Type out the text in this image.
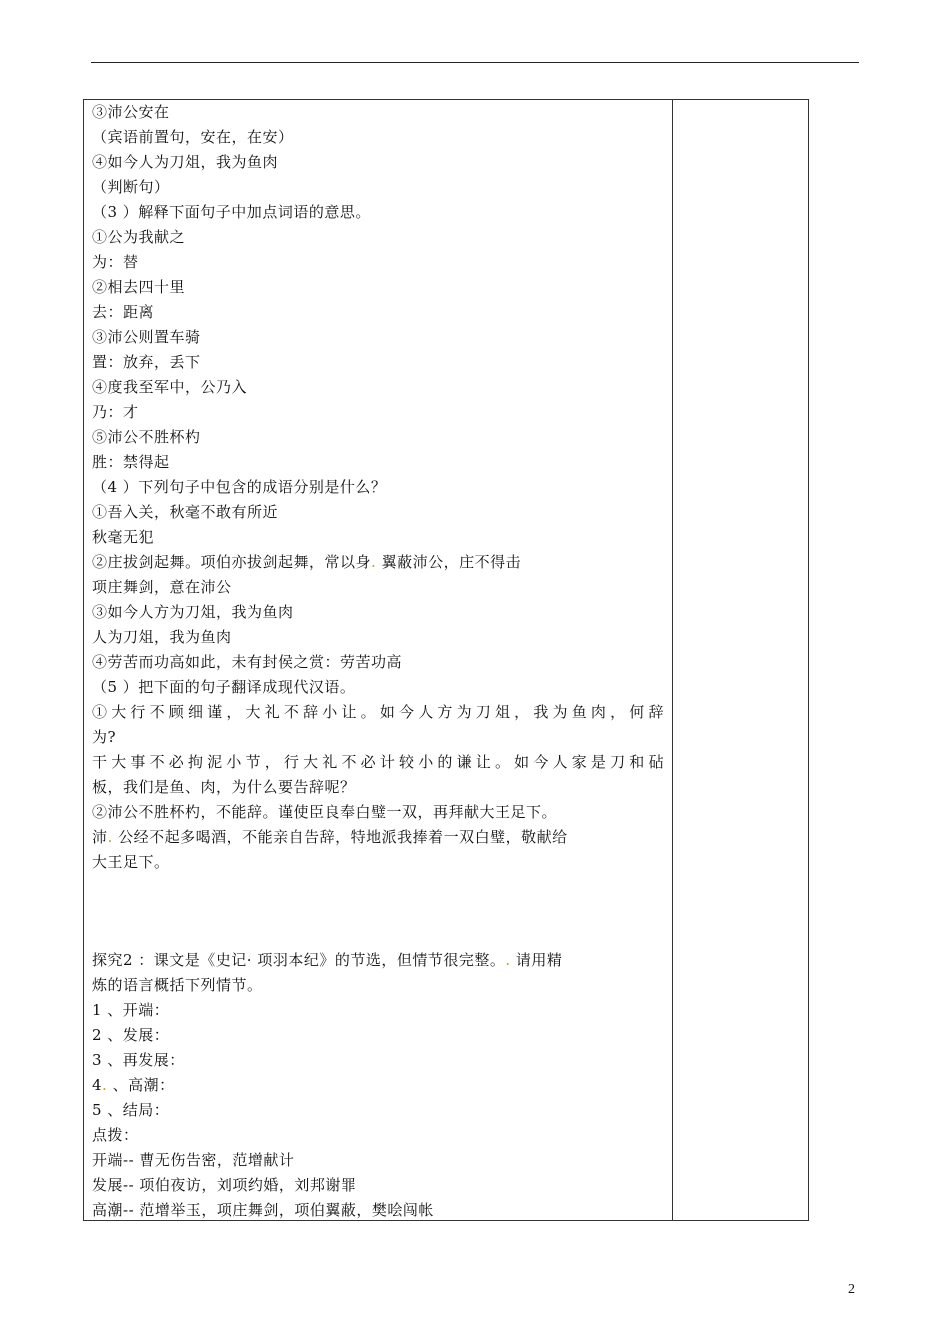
③沛公安在
（宾语前置句，安在，在安）
④如今人为刀俎，我为鱼肉
（判断句）
（3 ）解释下面句子中加点词语的意思。
①公为我献之
为：替
②相去四十里
去：距离
③沛公则置车骑
置：放弃，丢下
④度我至军中，公乃入
乃：才
⑤沛公不胜杯杓
胜：禁得起
（4 ）下列句子中包含的成语分别是什么？
①吾入关，秋毫不敢有所近
秋毫无犯
②庄拔剑起舞。项伯亦拔剑起舞，常以身. 翼蔽沛公，庄不得击
项庄舞剑，意在沛公
③如今人方为刀俎，我为鱼肉
人为刀俎，我为鱼肉
④劳苦而功高如此，未有封侯之赏：劳苦功高
（5 ）把下面的句子翻译成现代汉语。
①大行不顾细谨，大礼不辞小让。如今人方为刀俎，我为鱼肉，何辞
为?
干大事不必拘泥小节，行大礼不必计较小的谦让。如今人家是刀和砧
板，我们是鱼、肉，为什么要告辞呢？
②沛公不胜杯杓，不能辞。谨使臣良奉白璧一双，再拜献大王足下。
沛. 公经不起多喝酒，不能亲自告辞，特地派我捧着一双白璧，敬献给
大王足下。
探究2 ：课文是《史记· 项羽本纪》的节选，但情节很完整。. 请用精
炼的语言概括下列情节。
1 、开端：
2 、发展：
3 、再发展：
4. 、高潮：
5 、结局：
点拨：
开端-- 曹无伤告密，范增献计
发展-- 项伯夜访，刘项约婚，刘邦谢罪
高潮-- 范增举玉，项庄舞剑，项伯翼蔽，樊哙闯帐
2
